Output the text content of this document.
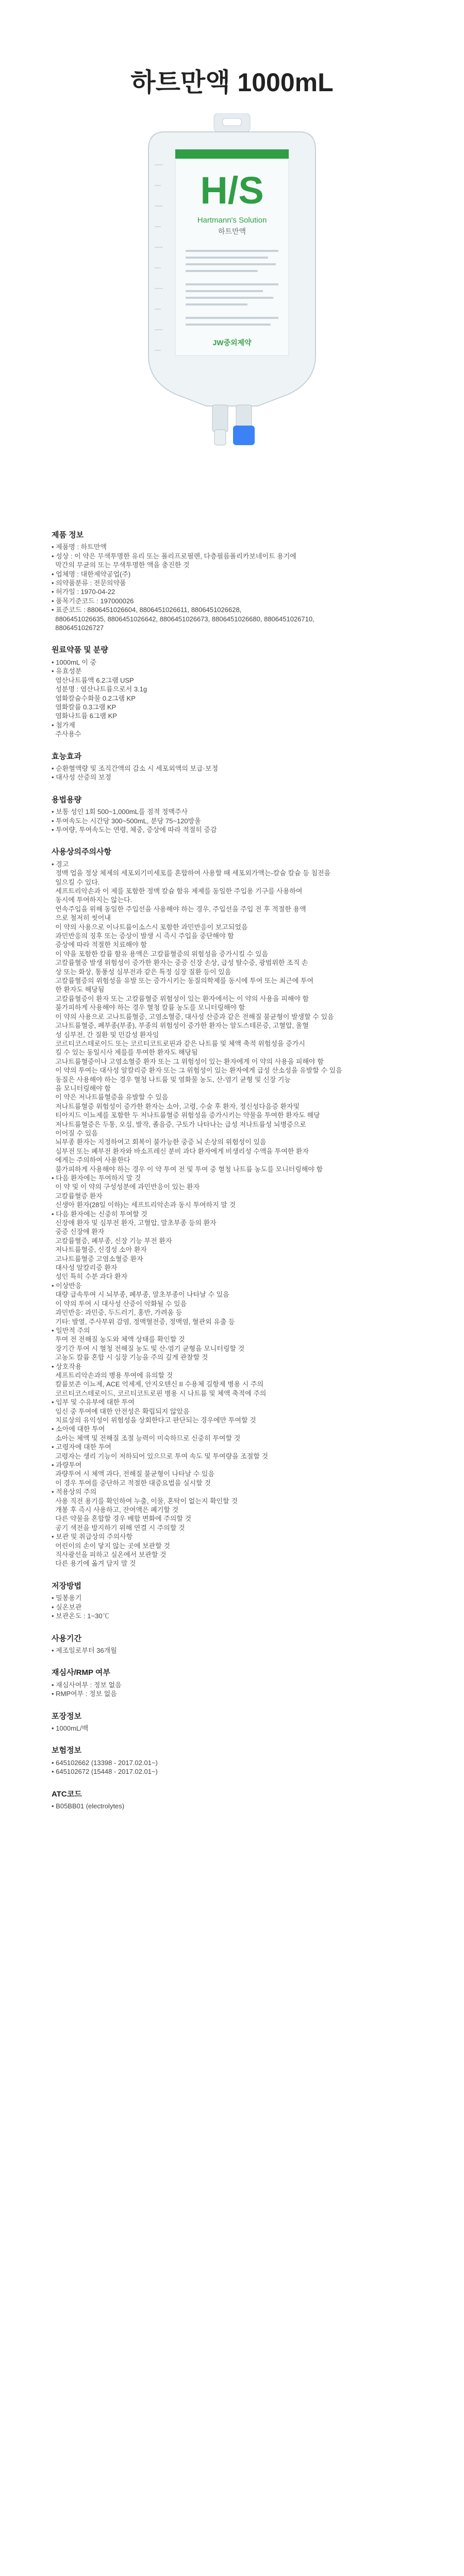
하트만액 1000mL
H/S
Hartmann's Solution
하트만액
JW중외제약
제품 정보

• 제품명 : 하트만액

• 성상 : 이 약은 무색투명한 유리 또는 폴리프로필렌, 다층필름폴리카보네이트 용기에

막간의 무균의 또는 무색투명한 액을 충진한 것

• 업체명 : 대한제약공업(주)

• 의약품분류 : 전문의약품

• 허가일 : 1970-04-22

• 품목기준코드 : 197000026

• 표준코드 : 8806451026604, 8806451026611, 8806451026628,

8806451026635, 8806451026642, 8806451026673, 8806451026680, 8806451026710,

8806451026727

원료약품 및 분량

• 1000mL 이 중

• 유효성분

염산나트륨액 6.2그램 USP

성분명 : 염산나트륨으로서 3.1g

염화칼슘수화물 0.2그램 KP

염화칼륨 0.3그램 KP

염화나트륨 6그램 KP

• 첨가제

주사용수

효능효과

• 순환혈액량 및 조직간액의 감소 시 세포외액의 보급·보정

• 대사성 산증의 보정

용법용량

• 보통 성인 1회 500~1,000mL를 점적 정맥주사

• 투여속도는 시간당 300~500mL, 분당 75~120방울

• 투여량, 투여속도는 연령, 체중, 증상에 따라 적절히 증감

사용상의주의사항

• 경고

정맥 업을 정상 체제의 세포외기미세포를 혼합하여 사용할 때 세포외가액는-칼슘 칼슘 등 침전을

일으킬 수 있다.

세프트리악손과 이 제를 포함한 정맥 칼슘 함유 제제를 동일한 주입용 기구를 사용하여

동시에 투여하지는 않는다.

연속주입을 위해 동일한 주입선을 사용해야 하는 경우, 주입선을 주입 전 후 적절한 용액

으로 철저히 씻어내

이 약의 사용으로 이나트륨이소스시 포함한 과민반응이 보고되었음

과민반응의 징후 또는 증상이 발생 시 즉시 주입을 중단해야 함

증상에 따라 적절한 치료해야 함

이 약을 포함한 칼륨 함유 용액은 고칼륨혈증의 위험성을 증가시킬 수 있음

고칼륨혈증 발생 위험성이 증가한 환자는 중증 신장 손상, 급성 탈수증, 광범위한 조직 손

상 또는 화상, 통풍성 심부전과 같은 특정 심장 질환 등이 있음

고칼륨혈증의 위험성을 유발 또는 증가시키는 동질의학제를 동시에 투여 또는 최근에 투여

한 환자도 해당됨

고칼륨혈증이 환자 또는 고칼륨혈증 위험성이 있는 환자에서는 이 약의 사용을 피해야 함

불가피하게 사용해야 하는 경우 혈청 칼륨 농도를 모니터링해야 함

이 약의 사용으로 고나트륨혈증, 고염소혈증, 대사성 산증과 같은 전해질 불균형이 발생할 수 있음

고나트륨혈증, 폐부종(부종), 부종의 위험성이 증가한 환자는 알도스테론증, 고혈압, 울혈

성 심부전, 간 질환 및 민감성 환자임

코르티코스테로이드 또는 코르티코트로핀과 같은 나트륨 및 체액 축적 위험성을 증가시

킬 수 있는 동일시사 제를를 투여한 환자도 해당됨

고나트륨혈증이나 고염소혈증 환자 또는 그 위험성이 있는 환자에게 이 약의 사용을 피해야 함

이 약의 투여는 대사성 알칼리증 환자 또는 그 위험성이 있는 환자에게 급성 산소성을 유발할 수 있음

동질은 사용해야 하는 경우 혈청 나트륨 및 염화물 농도, 산-염기 균형 및 신장 기능

을 모니터링해야 함

이 약은 저나트륨혈증을 유발할 수 있음

저나트륨혈증 위험성이 증가한 환자는 소아, 고령, 수술 후 환자, 정신성다음증 환자및

티아지드 이뇨제를 포함한 두 저나트륨혈증 위험성을 증가시키는 약물을 투여한 환자도 해당

저나트륨혈증은 두통, 오심, 발작, 졸음증, 구토가 나타나는 급성 저나트륨성 뇌병증으로

이어질 수 있음

뇌부종 환자는 지정하여고 회복이 불가능한 중증 뇌 손상의 위험성이 있음

심부전 또는 폐부전 환자와 바소프레신 분비 과다 환자에게 비생리성 수액을 투여한 환자

에게는 주의하여 사용한다

불가피하게 사용해야 하는 경우 이 약 투여 전 및 투여 중 혈청 나트륨 농도를 모니터링해야 함

• 다음 환자에는 투여하지 말 것

이 약 및 이 약의 구성성분에 과민반응이 있는 환자

고칼륨혈증 환자

신생아 환자(28일 이하)는 세프트리악손과 동시 투여하지 말 것

• 다음 환자에는 신중히 투여할 것

신장애 환자 및 심부전 환자, 고혈압, 말초부종 등의 환자

중증 신장애 환자

고칼륨혈증, 폐부종, 신장 기능 부전 환자

저나트륨혈증, 신경성 소아 환자

고나트륨혈증 고염소혈증 환자

대사성 알칼리증 환자

성인 특히 수분 과다 환자

• 이상반응

대량 급속투여 시 뇌부종, 폐부종, 말초부종이 나타날 수 있음

이 약의 투여 시 대사성 산증이 악화될 수 있음

과민반응: 과민증, 두드러기, 홍반, 가려움 등

기타: 발열, 주사부위 감염, 정맥혈전증, 정맥염, 혈관외 유출 등

• 일반적 주의

투여 전 전해질 농도와 체액 상태를 확인할 것

장기간 투여 시 혈청 전해질 농도 및 산-염기 균형을 모니터링할 것

고농도 칼륨 혼합 시 심장 기능을 주의 깊게 관찰할 것

• 상호작용

세프트리악손과의 병용 투여에 유의할 것

칼륨보존 이뇨제, ACE 억제제, 안지오텐신 II 수용체 길항제 병용 시 주의

코르티코스테로이드, 코르티코트로핀 병용 시 나트륨 및 체액 축적에 주의

• 임부 및 수유부에 대한 투여

임신 중 투여에 대한 안전성은 확립되지 않았음

치료상의 유익성이 위험성을 상회한다고 판단되는 경우에만 투여할 것

• 소아에 대한 투여

소아는 체액 및 전해질 조절 능력이 미숙하므로 신중히 투여할 것

• 고령자에 대한 투여

고령자는 생리 기능이 저하되어 있으므로 투여 속도 및 투여량을 조절할 것

• 과량투여

과량투여 시 체액 과다, 전해질 불균형이 나타날 수 있음

이 경우 투여를 중단하고 적절한 대증요법을 실시할 것

• 적용상의 주의

사용 직전 용기를 확인하여 누출, 이물, 혼탁이 없는지 확인할 것

개봉 후 즉시 사용하고, 잔여액은 폐기할 것

다른 약물을 혼합할 경우 배합 변화에 주의할 것

공기 색전을 방지하기 위해 연결 시 주의할 것

• 보관 및 취급상의 주의사항

어린이의 손이 닿지 않는 곳에 보관할 것

직사광선을 피하고 실온에서 보관할 것

다른 용기에 옮겨 담지 말 것

저장방법

• 밀봉용기

• 실온보관

• 보관온도 : 1~30℃

사용기간

• 제조일로부터 36개월

재심사/RMP 여부

• 재심사여부 : 정보 없음

• RMP여부 : 정보 없음

포장정보

• 1000mL/백

보험정보

• 645102662 (13398 - 2017.02.01~)

• 645102672 (15448 - 2017.02.01~)

ATC코드

• B05BB01 (electrolytes)
